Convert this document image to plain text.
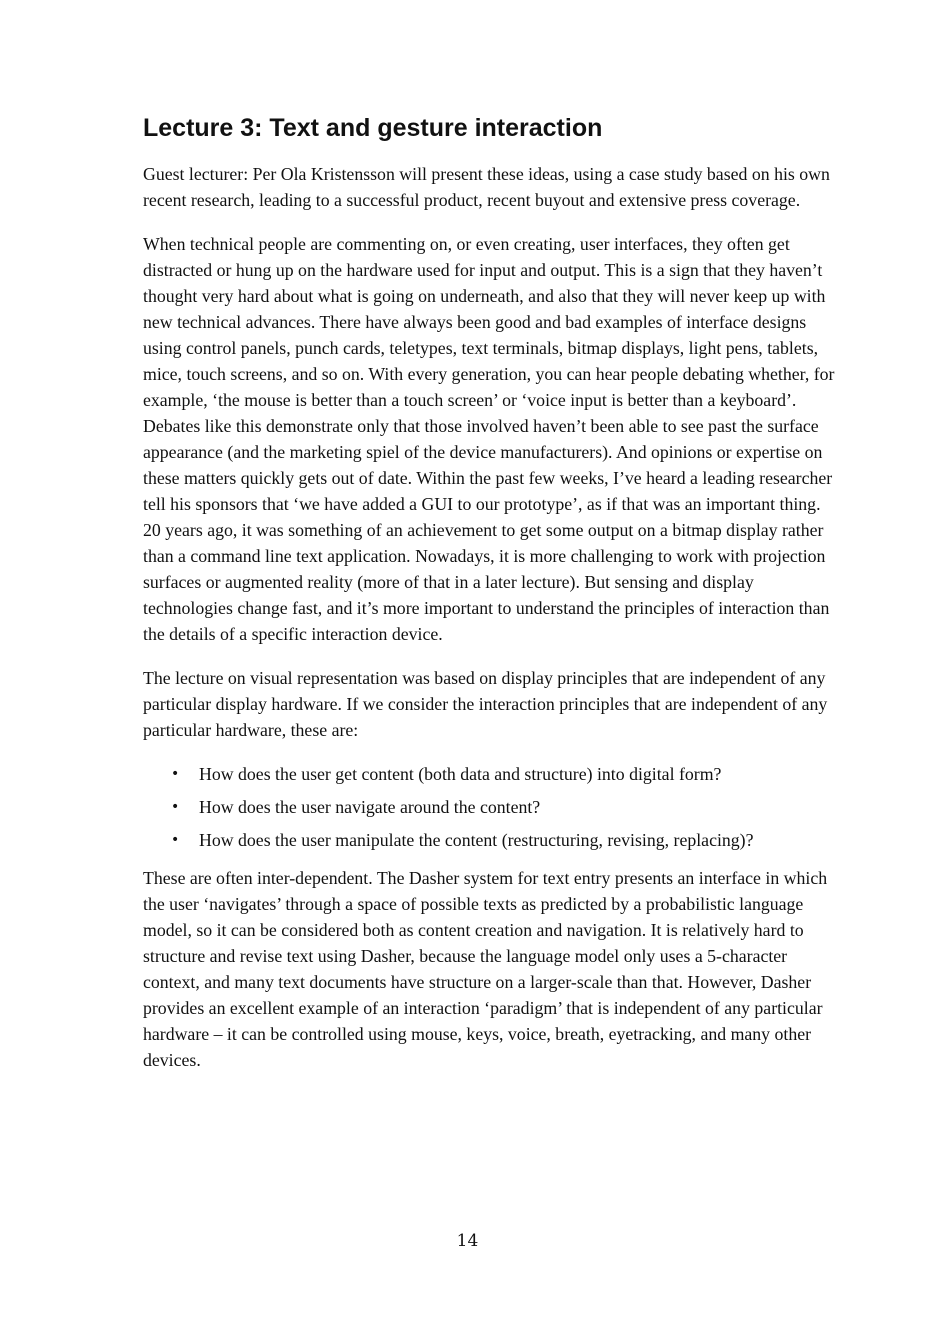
Lecture 3: Text and gesture interaction

Guest lecturer: Per Ola Kristensson will present these ideas, using a case study based on his own recent research, leading to a successful product, recent buyout and extensive press coverage.

When technical people are commenting on, or even creating, user interfaces, they often get distracted or hung up on the hardware used for input and output. This is a sign that they haven’t thought very hard about what is going on underneath, and also that they will never keep up with new technical advances. There have always been good and bad examples of interface designs using control panels, punch cards, teletypes, text terminals, bitmap displays, light pens, tablets, mice, touch screens, and so on. With every generation, you can hear people debating whether, for example, ‘the mouse is better than a touch screen’ or ‘voice input is better than a keyboard’. Debates like this demonstrate only that those involved haven’t been able to see past the surface appearance (and the marketing spiel of the device manufacturers). And opinions or expertise on these matters quickly gets out of date. Within the past few weeks, I’ve heard a leading researcher tell his sponsors that ‘we have added a GUI to our prototype’, as if that was an important thing. 20 years ago, it was something of an achievement to get some output on a bitmap display rather than a command line text application. Nowadays, it is more challenging to work with projection surfaces or augmented reality (more of that in a later lecture). But sensing and display technologies change fast, and it’s more important to understand the principles of interaction than the details of a specific interaction device.

The lecture on visual representation was based on display principles that are independent of any particular display hardware. If we consider the interaction principles that are independent of any particular hardware, these are:

• How does the user get content (both data and structure) into digital form?
• How does the user navigate around the content?
• How does the user manipulate the content (restructuring, revising, replacing)?

These are often inter-dependent. The Dasher system for text entry presents an interface in which the user ‘navigates’ through a space of possible texts as predicted by a probabilistic language model, so it can be considered both as content creation and navigation. It is relatively hard to structure and revise text using Dasher, because the language model only uses a 5-character context, and many text documents have structure on a larger-scale than that. However, Dasher provides an excellent example of an interaction ‘paradigm’ that is independent of any particular hardware – it can be controlled using mouse, keys, voice, breath, eyetracking, and many other devices.

14
